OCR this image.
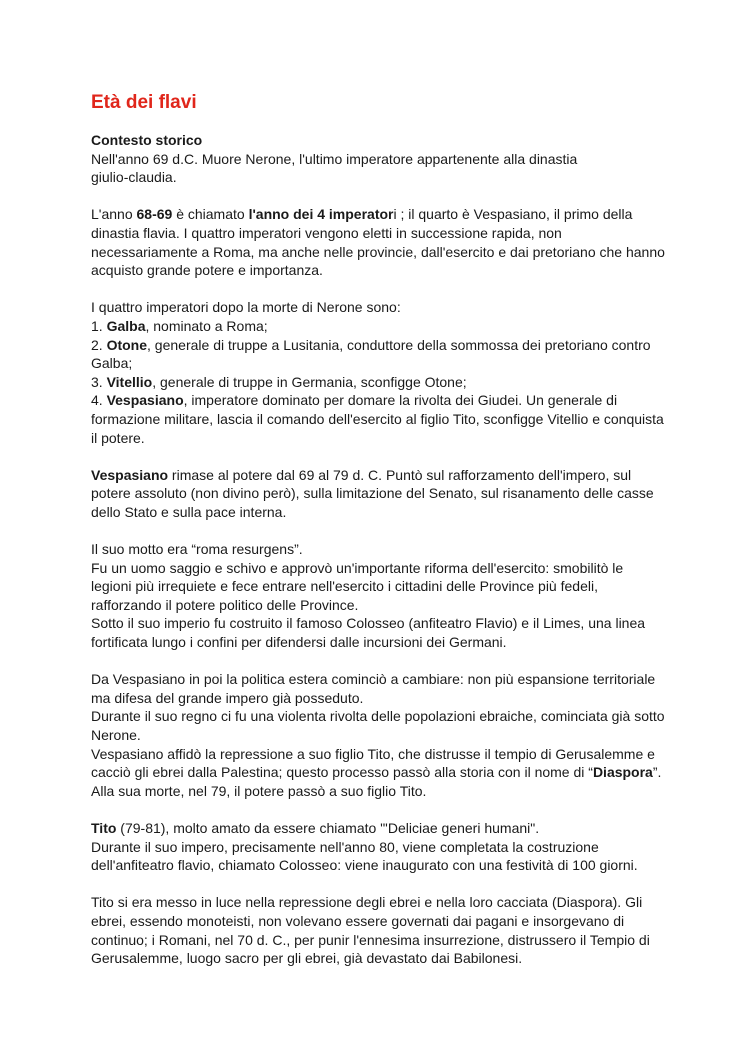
Età dei flavi

Contesto storico

Nell'anno 69 d.C. Muore Nerone, l'ultimo imperatore appartenente alla dinastia

giulio-claudia.

L'anno 68-69 è chiamato l'anno dei 4 imperatori ; il quarto è Vespasiano, il primo della

dinastia flavia. I quattro imperatori vengono eletti in successione rapida, non

necessariamente a Roma, ma anche nelle provincie, dall'esercito e dai pretoriano che hanno

acquisto grande potere e importanza.

I quattro imperatori dopo la morte di Nerone sono:

1. Galba, nominato a Roma;

2. Otone, generale di truppe a Lusitania, conduttore della sommossa dei pretoriano contro

Galba;

3. Vitellio, generale di truppe in Germania, sconfigge Otone;

4. Vespasiano, imperatore dominato per domare la rivolta dei Giudei. Un generale di

formazione militare, lascia il comando dell'esercito al figlio Tito, sconfigge Vitellio e conquista

il potere.

Vespasiano rimase al potere dal 69 al 79 d. C. Puntò sul rafforzamento dell'impero, sul

potere assoluto (non divino però), sulla limitazione del Senato, sul risanamento delle casse

dello Stato e sulla pace interna.

Il suo motto era “roma resurgens”.

Fu un uomo saggio e schivo e approvò un'importante riforma dell'esercito: smobilitò le

legioni più irrequiete e fece entrare nell'esercito i cittadini delle Province più fedeli,

rafforzando il potere politico delle Province.

Sotto il suo imperio fu costruito il famoso Colosseo (anfiteatro Flavio) e il Limes, una linea

fortificata lungo i confini per difendersi dalle incursioni dei Germani.

Da Vespasiano in poi la politica estera cominciò a cambiare: non più espansione territoriale

ma difesa del grande impero già posseduto.

Durante il suo regno ci fu una violenta rivolta delle popolazioni ebraiche, cominciata già sotto

Nerone.

Vespasiano affidò la repressione a suo figlio Tito, che distrusse il tempio di Gerusalemme e

cacciò gli ebrei dalla Palestina; questo processo passò alla storia con il nome di “Diaspora”.

Alla sua morte, nel 79, il potere passò a suo figlio Tito.

Tito (79-81), molto amato da essere chiamato "'Deliciae generi humani".

Durante il suo impero, precisamente nell'anno 80, viene completata la costruzione

dell'anfiteatro flavio, chiamato Colosseo: viene inaugurato con una festività di 100 giorni.

Tito si era messo in luce nella repressione degli ebrei e nella loro cacciata (Diaspora). Gli

ebrei, essendo monoteisti, non volevano essere governati dai pagani e insorgevano di

continuo; i Romani, nel 70 d. C., per punir l'ennesima insurrezione, distrussero il Tempio di

Gerusalemme, luogo sacro per gli ebrei, già devastato dai Babilonesi.
